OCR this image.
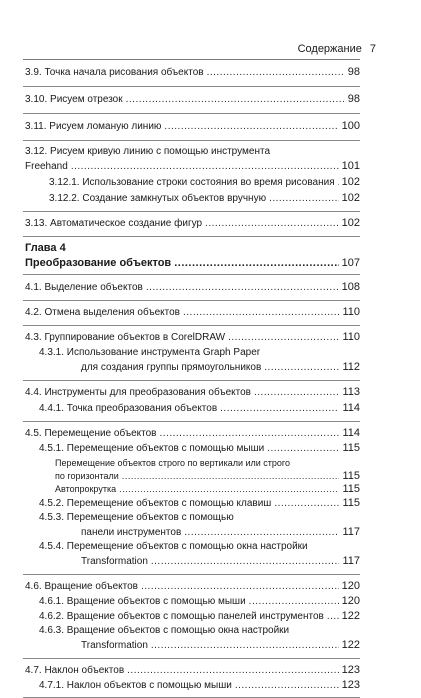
Содержание 7
3.9. Точка начала рисования объектов .....	98
3.10. Рисуем отрезок .....	98
3.11. Рисуем ломаную линию .....	100
3.12. Рисуем кривую линию с помощью инструмента
Freehand .....	101
3.12.1. Использование строки состояния во время рисования ..... 102
3.12.2. Создание замкнутых объектов вручную .....	102
3.13. Автоматическое создание фигур .....	102
Глава 4
Преобразование объектов .....	107
4.1. Выделение объектов .....	108
4.2. Отмена выделения объектов .....	110
4.3. Группирование объектов в CorelDRAW .....	110
4.3.1. Использование инструмента Graph Paper
для создания группы прямоугольников .....	112
4.4. Инструменты для преобразования объектов .....	113
4.4.1. Точка преобразования объектов .....	114
4.5. Перемещение объектов .....	114
4.5.1. Перемещение объектов с помощью мыши .....	115
Перемещение объектов строго по вертикали или строго
по горизонтали .....	115
Автопрокрутка .....	115
4.5.2. Перемещение объектов с помощью клавиш .....	115
4.5.3. Перемещение объектов с помощью
панели инструментов .....	117
4.5.4. Перемещение объектов с помощью окна настройки
Transformation .....	117
4.6. Вращение объектов .....	120
4.6.1. Вращение объектов с помощью мыши .....	120
4.6.2. Вращение объектов с помощью панелей инструментов ..... 122
4.6.3. Вращение объектов с помощью окна настройки
Transformation .....	122
4.7. Наклон объектов .....	123
4.7.1. Наклон объектов с помощью мыши .....	123
